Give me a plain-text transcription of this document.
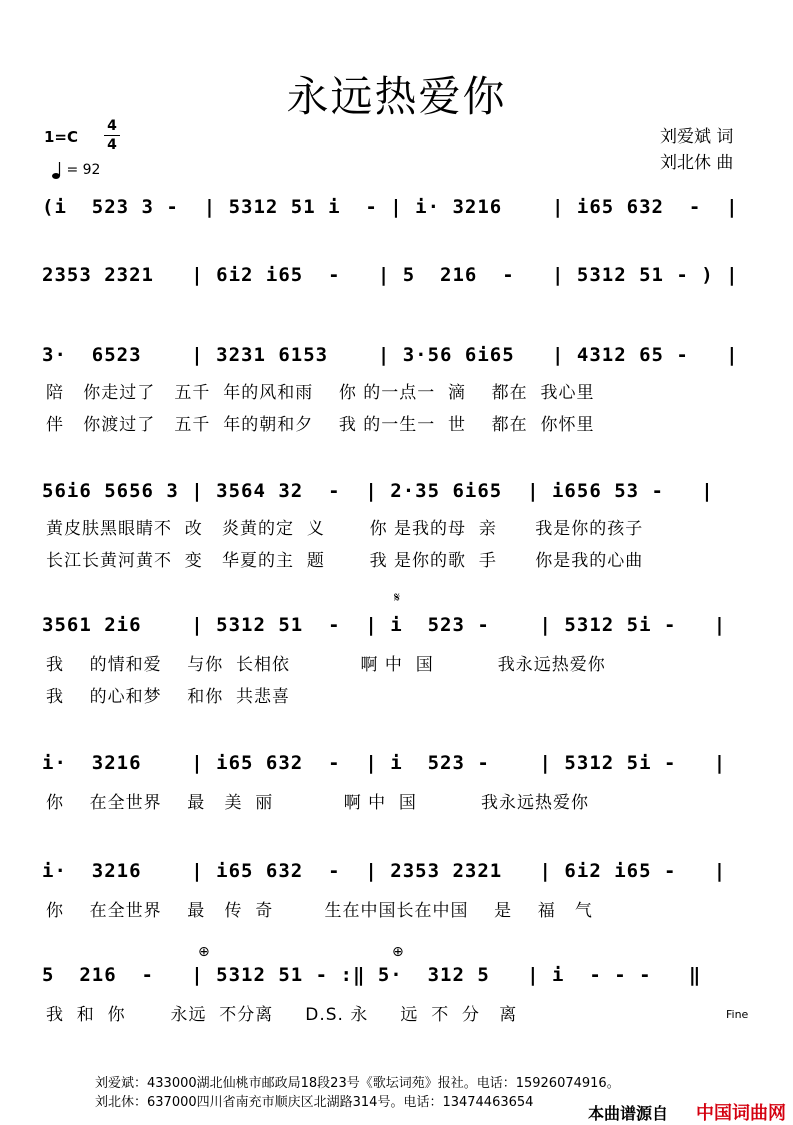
永远热爱你
1=C
4
4
= 92
刘爱斌 词
刘北休 曲
(i  523 3 -  | 5312 51 i  - | i· 3216    | i65 632  -  |
2353 2321   | 6i2 i65  -   | 5  216  -   | 5312 51 - ) |
3·  6523    | 3231 6153    | 3·56 6i65   | 4312 65 -   |
陪   你走过了   五千  年的风和雨    你 的一点一  滴    都在  我心里
伴   你渡过了   五千  年的朝和夕    我 的一生一  世    都在  你怀里
56i6 5656 3 | 3564 32  -  | 2·35 6i65  | i656 53 -   |
黄皮肤黑眼睛不  改   炎黄的定  义       你 是我的母  亲      我是你的孩子
长江长黄河黄不  变   华夏的主  题       我 是你的歌  手      你是我的心曲
𝄋
3561 2i6    | 5312 51  -  | i  523 -    | 5312 5i -   |
我    的情和爱    与你  长相依           啊 中  国          我永远热爱你
我    的心和梦    和你  共悲喜
i·  3216    | i65 632  -  | i  523 -    | 5312 5i -   |
你    在全世界    最   美  丽           啊 中  国          我永远热爱你
i·  3216    | i65 632  -  | 2353 2321   | 6i2 i65 -   |
你    在全世界    最   传  奇        生在中国长在中国    是    福   气
⊕	⊕
5  216  -   | 5312 51 - :‖ 5·  312 5   | i  - - -   ‖
我  和  你       永远  不分离     D.S. 永     远  不  分   离	Fine
刘爱斌：433000湖北仙桃市邮政局18段23号《歌坛词苑》报社。电话：15926074916。
刘北休：637000四川省南充市顺庆区北湖路314号。电话：13474463654
本曲谱源自 中国词曲网
